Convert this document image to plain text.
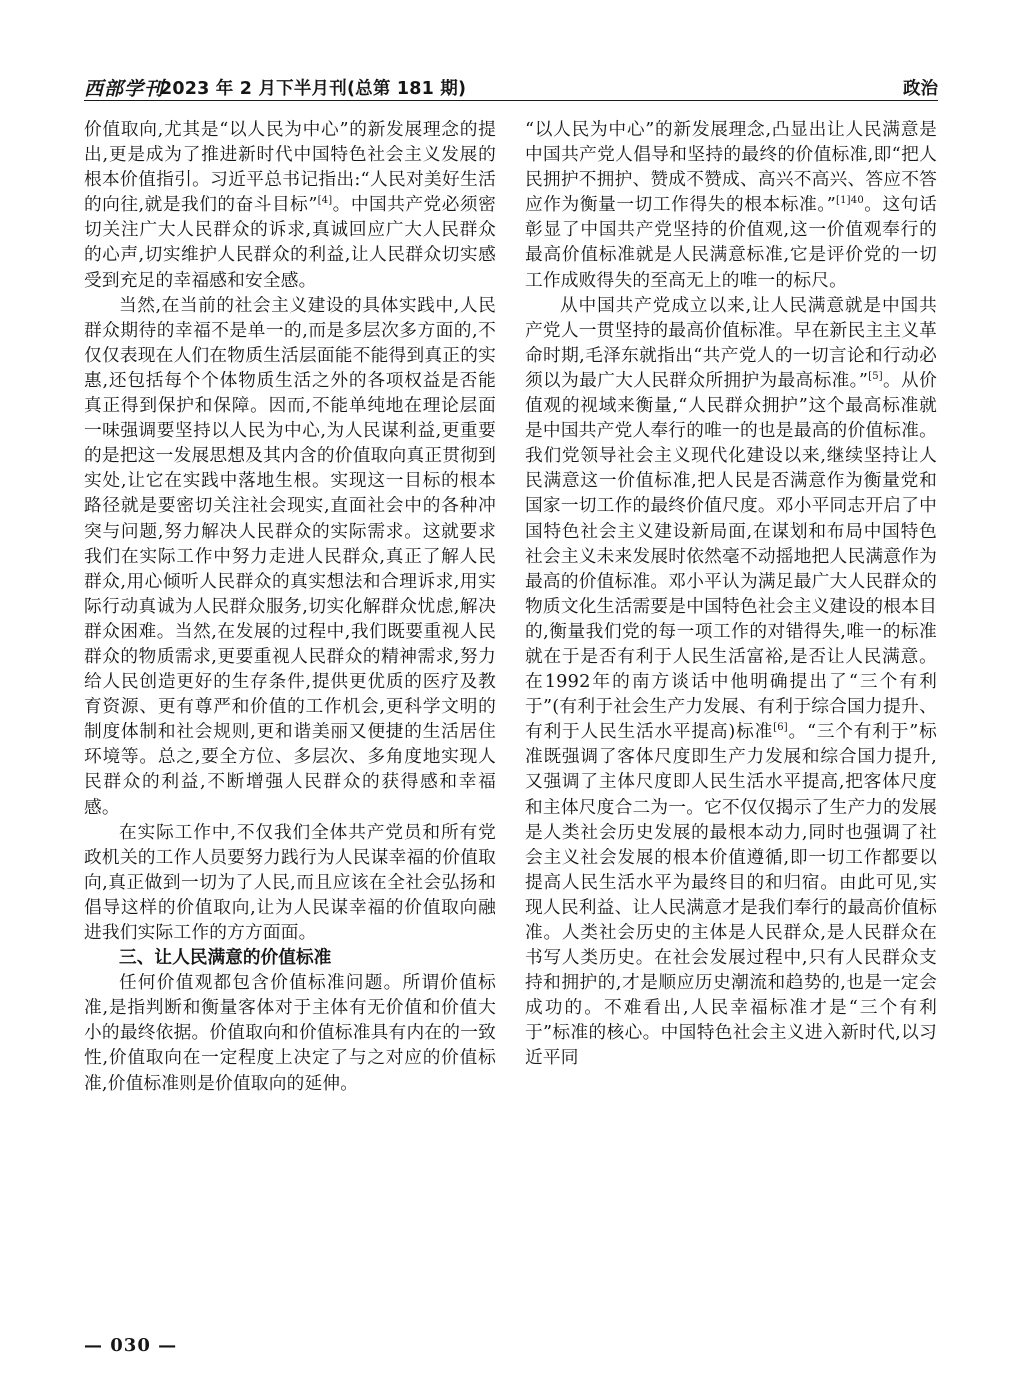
西部学刊
2023 年 2 月下半月刊(总第 181 期)	政治

价值取向,尤其是“以人民为中心”的新发展理念的提出,更是成为了推进新时代中国特色社会主义发展的根本价值指引。习近平总书记指出:“人民对美好生活的向往,就是我们的奋斗目标”[4]。中国共产党必须密切关注广大人民群众的诉求,真诚回应广大人民群众的心声,切实维护人民群众的利益,让人民群众切实感受到充足的幸福感和安全感。

当然,在当前的社会主义建设的具体实践中,人民群众期待的幸福不是单一的,而是多层次多方面的,不仅仅表现在人们在物质生活层面能不能得到真正的实惠,还包括每个个体物质生活之外的各项权益是否能真正得到保护和保障。因而,不能单纯地在理论层面一味强调要坚持以人民为中心,为人民谋利益,更重要的是把这一发展思想及其内含的价值取向真正贯彻到实处,让它在实践中落地生根。实现这一目标的根本路径就是要密切关注社会现实,直面社会中的各种冲突与问题,努力解决人民群众的实际需求。这就要求我们在实际工作中努力走进人民群众,真正了解人民群众,用心倾听人民群众的真实想法和合理诉求,用实际行动真诚为人民群众服务,切实化解群众忧虑,解决群众困难。当然,在发展的过程中,我们既要重视人民群众的物质需求,更要重视人民群众的精神需求,努力给人民创造更好的生存条件,提供更优质的医疗及教育资源、更有尊严和价值的工作机会,更科学文明的制度体制和社会规则,更和谐美丽又便捷的生活居住环境等。总之,要全方位、多层次、多角度地实现人民群众的利益,不断增强人民群众的获得感和幸福感。

在实际工作中,不仅我们全体共产党员和所有党政机关的工作人员要努力践行为人民谋幸福的价值取向,真正做到一切为了人民,而且应该在全社会弘扬和倡导这样的价值取向,让为人民谋幸福的价值取向融进我们实际工作的方方面面。

三、让人民满意的价值标准

任何价值观都包含价值标准问题。所谓价值标准,是指判断和衡量客体对于主体有无价值和价值大小的最终依据。价值取向和价值标准具有内在的一致性,价值取向在一定程度上决定了与之对应的价值标准,价值标准则是价值取向的延伸。

“以人民为中心”的新发展理念,凸显出让人民满意是中国共产党人倡导和坚持的最终的价值标准,即“把人民拥护不拥护、赞成不赞成、高兴不高兴、答应不答应作为衡量一切工作得失的根本标准。”$^{[1]40}$。这句话彰显了中国共产党坚持的价值观,这一价值观奉行的最高价值标准就是人民满意标准,它是评价党的一切工作成败得失的至高无上的唯一的标尺。

从中国共产党成立以来,让人民满意就是中国共产党人一贯坚持的最高价值标准。早在新民主主义革命时期,毛泽东就指出“共产党人的一切言论和行动必须以为最广大人民群众所拥护为最高标准。”[5]。从价值观的视域来衡量,“人民群众拥护”这个最高标准就是中国共产党人奉行的唯一的也是最高的价值标准。我们党领导社会主义现代化建设以来,继续坚持让人民满意这一价值标准,把人民是否满意作为衡量党和国家一切工作的最终价值尺度。邓小平同志开启了中国特色社会主义建设新局面,在谋划和布局中国特色社会主义未来发展时依然毫不动摇地把人民满意作为最高的价值标准。邓小平认为满足最广大人民群众的物质文化生活需要是中国特色社会主义建设的根本目的,衡量我们党的每一项工作的对错得失,唯一的标准就在于是否有利于人民生活富裕,是否让人民满意。在1992年的南方谈话中他明确提出了“三个有利于”(有利于社会生产力发展、有利于综合国力提升、有利于人民生活水平提高)标准[6]。“三个有利于”标准既强调了客体尺度即生产力发展和综合国力提升,又强调了主体尺度即人民生活水平提高,把客体尺度和主体尺度合二为一。它不仅仅揭示了生产力的发展是人类社会历史发展的最根本动力,同时也强调了社会主义社会发展的根本价值遵循,即一切工作都要以提高人民生活水平为最终目的和归宿。由此可见,实现人民利益、让人民满意才是我们奉行的最高价值标准。人类社会历史的主体是人民群众,是人民群众在书写人类历史。在社会发展过程中,只有人民群众支持和拥护的,才是顺应历史潮流和趋势的,也是一定会成功的。不难看出,人民幸福标准才是“三个有利于”标准的核心。中国特色社会主义进入新时代,以习近平同

— 030 —
